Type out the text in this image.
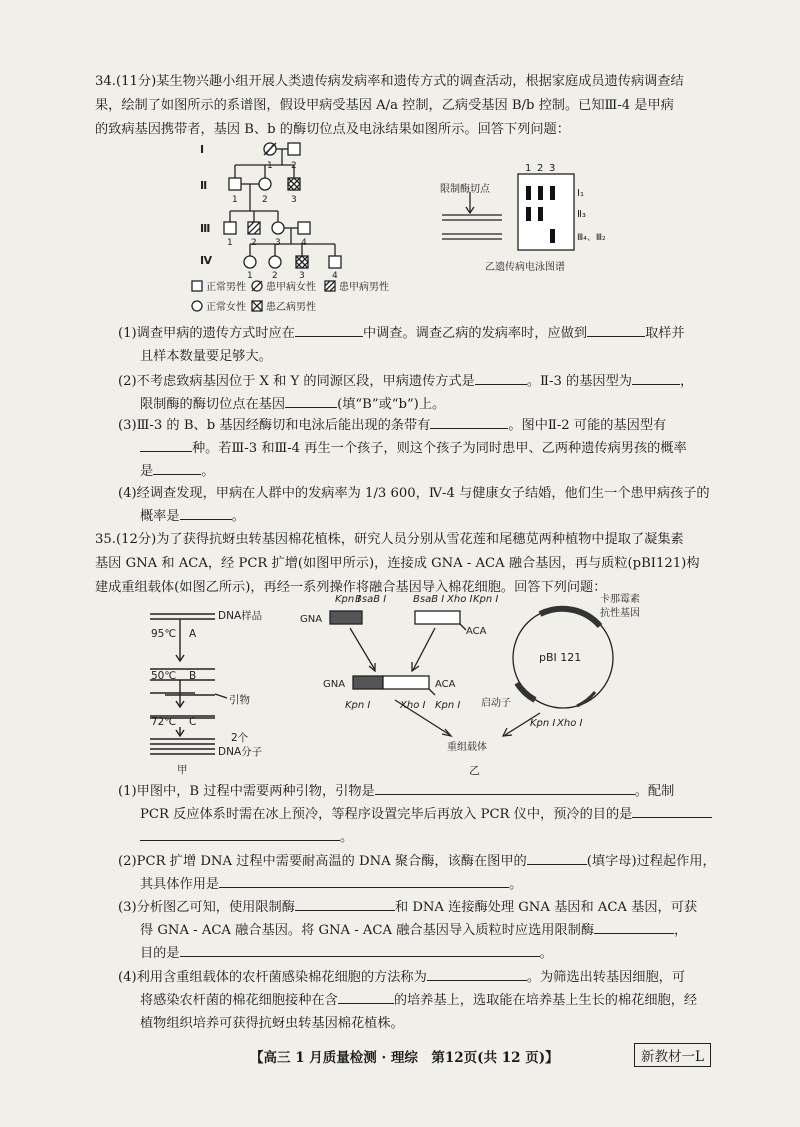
34.(11分)某生物兴趣小组开展人类遗传病发病率和遗传方式的调查活动，根据家庭成员遗传病调查结
果，绘制了如图所示的系谱图，假设甲病受基因 A/a 控制，乙病受基因 B/b 控制。已知Ⅲ-4 是甲病
的致病基因携带者，基因 B、b 的酶切位点及电泳结果如图所示。回答下列问题：
Ⅰ
Ⅱ
Ⅲ
Ⅳ
1 2
1	2	3
1 2 3 4
1 2 3	4
正常男性 患甲病女性 患甲病男性
正常女性 患乙病男性
限制酶切点
1 2 3
Ⅰ₁
Ⅱ₃
Ⅲ₄、Ⅲ₂
乙遗传病电泳图谱
(1)调查甲病的遗传方式时应在	中调查。调查乙病的发病率时，应做到	取样并
且样本数量要足够大。
(2)不考虑致病基因位于 X 和 Y 的同源区段，甲病遗传方式是	。Ⅱ-3 的基因型为	，
限制酶的酶切位点在基因	(填“B”或“b”)上。
(3)Ⅲ-3 的 B、b 基因经酶切和电泳后能出现的条带有	。图中Ⅱ-2 可能的基因型有
种。若Ⅲ-3 和Ⅲ-4 再生一个孩子，则这个孩子为同时患甲、乙两种遗传病男孩的概率
是	。
(4)经调查发现，甲病在人群中的发病率为 1/3 600，Ⅳ-4 与健康女子结婚，他们生一个患甲病孩子的
概率是	。
35.(12分)为了获得抗蚜虫转基因棉花植株，研究人员分别从雪花莲和尾穗苋两种植物中提取了凝集素
基因 GNA 和 ACA，经 PCR 扩增(如图甲所示)，连接成 GNA - ACA 融合基因，再与质粒(pBI121)构
建成重组载体(如图乙所示)，再经一系列操作将融合基因导入棉花细胞。回答下列问题：
DNA样品
95℃ A
50℃ B
引物
72℃ C
2个
DNA分子
甲
Kpn Ⅰ
BsaB Ⅰ
GNA
BsaB Ⅰ Xho Ⅰ Kpn Ⅰ
ACA
GNA	ACA
Kpn Ⅰ	Xho Ⅰ Kpn Ⅰ
pBI 121
卡那霉素
抗性基因
启动子
Kpn Ⅰ Xho Ⅰ
重组载体
乙
(1)甲图中，B 过程中需要两种引物，引物是	。配制
PCR 反应体系时需在冰上预冷，等程序设置完毕后再放入 PCR 仪中，预冷的目的是
。
(2)PCR 扩增 DNA 过程中需要耐高温的 DNA 聚合酶，该酶在图甲的	(填字母)过程起作用，
其具体作用是	。
(3)分析图乙可知，使用限制酶	和 DNA 连接酶处理 GNA 基因和 ACA 基因，可获
得 GNA - ACA 融合基因。将 GNA - ACA 融合基因导入质粒时应选用限制酶	，
目的是	。
(4)利用含重组载体的农杆菌感染棉花细胞的方法称为	。为筛选出转基因细胞，可
将感染农杆菌的棉花细胞接种在含	的培养基上，选取能在培养基上生长的棉花细胞，经
植物组织培养可获得抗蚜虫转基因棉花植株。
【高三 1 月质量检测 · 理综　第12页(共 12 页)】	新教材一L
